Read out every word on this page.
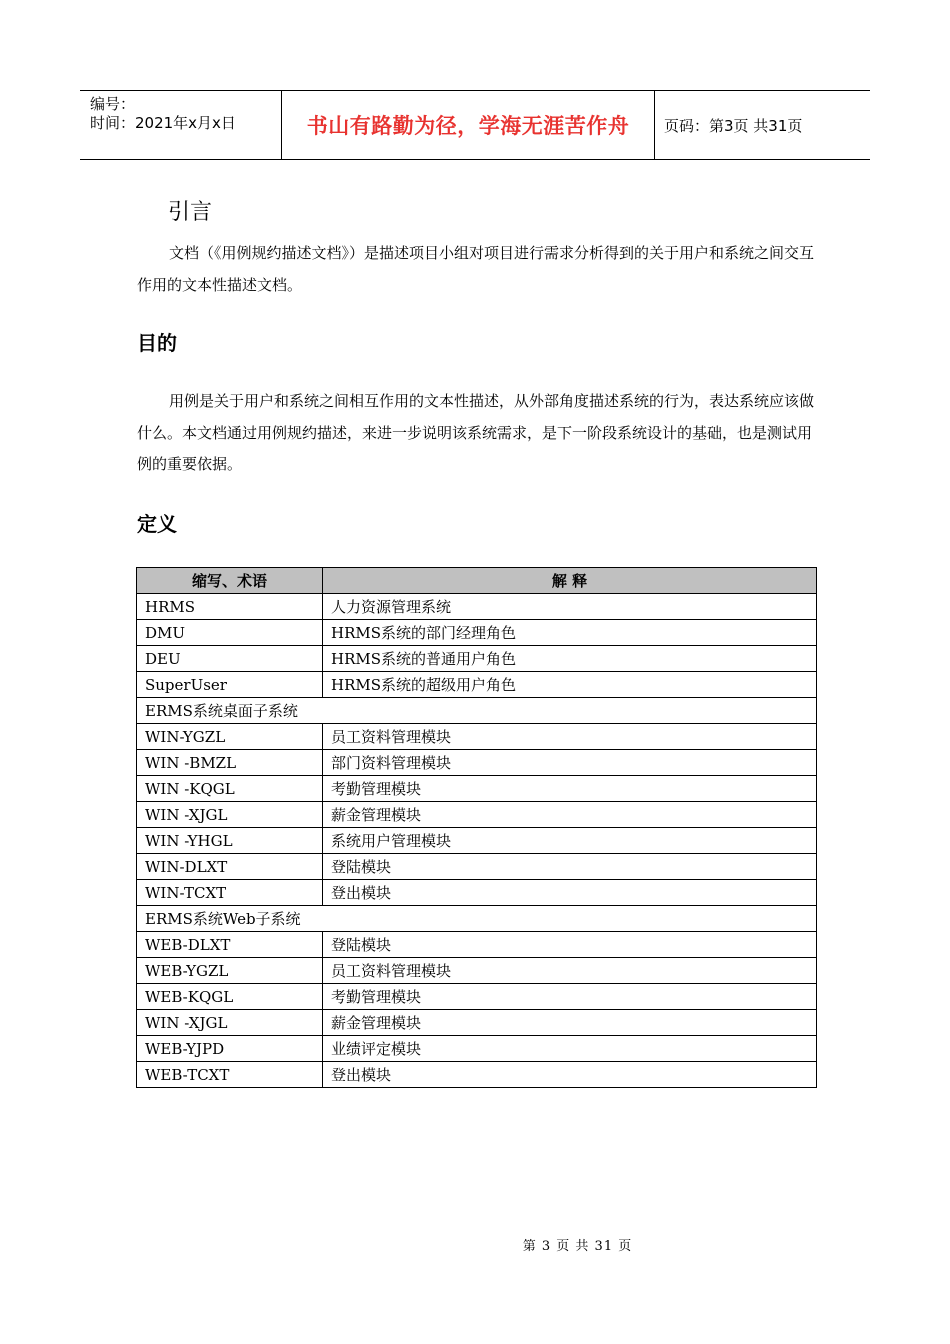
编号：
时间：2021年x月x日	书山有路勤为径，学海无涯苦作舟 页码：第3页 共31页
引言

文档（《用例规约描述文档》）是描述项目小组对项目进行需求分析得到的关于用户和系统之间交互作用的文本性描述文档。

目的

用例是关于用户和系统之间相互作用的文本性描述，从外部角度描述系统的行为，表达系统应该做什么。本文档通过用例规约描述，来进一步说明该系统需求，是下一阶段系统设计的基础，也是测试用例的重要依据。

定义
缩写、术语	解 释
HRMS	人力资源管理系统
DMU	HRMS系统的部门经理角色
DEU	HRMS系统的普通用户角色
SuperUser	HRMS系统的超级用户角色
ERMS系统桌面子系统	
WIN-YGZL	员工资料管理模块
WIN -BMZL	部门资料管理模块
WIN -KQGL	考勤管理模块
WIN -XJGL	薪金管理模块
WIN -YHGL	系统用户管理模块
WIN-DLXT	登陆模块
WIN-TCXT	登出模块
ERMS系统Web子系统	
WEB-DLXT	登陆模块
WEB-YGZL	员工资料管理模块
WEB-KQGL	考勤管理模块
WIN -XJGL	薪金管理模块
WEB-YJPD	业绩评定模块
WEB-TCXT	登出模块
第 3 页 共 31 页
